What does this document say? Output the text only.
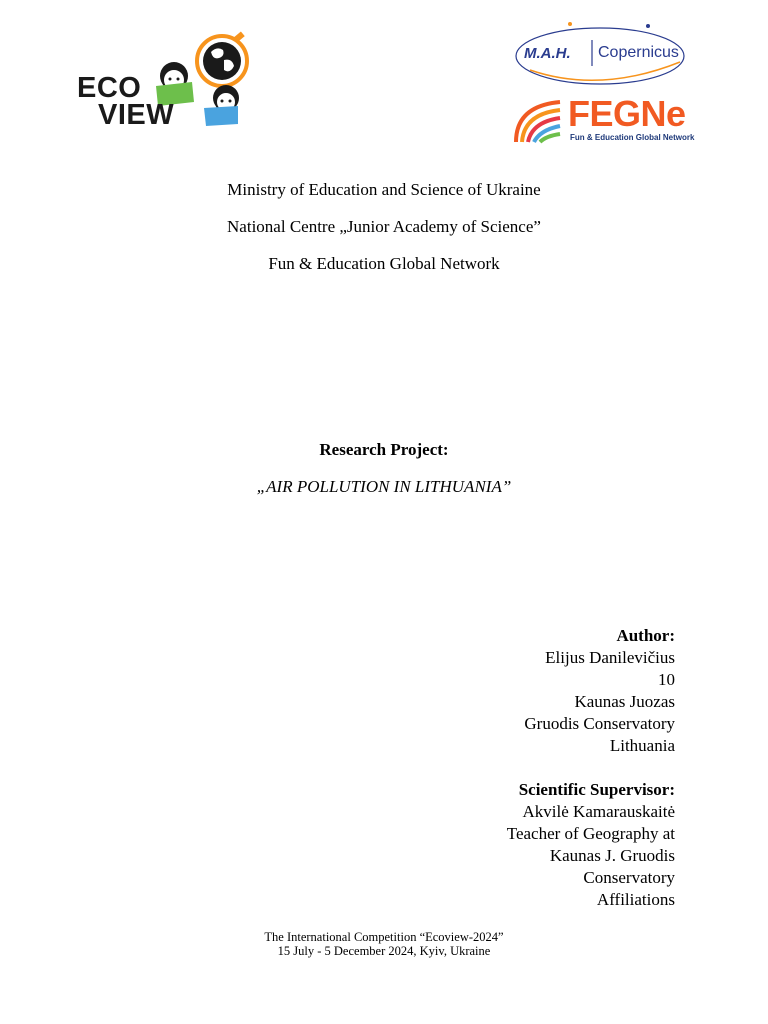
ECO
VIEW
M.A.H. Copernicus
FEGNe
Fun & Education Global Network
Ministry of Education and Science of Ukraine
National Centre „Junior Academy of Science”
Fun & Education Global Network
Research Project:
„AIR POLLUTION IN LITHUANIA”
Author:
Elijus Danilevičius
10
Kaunas Juozas
Gruodis Conservatory
Lithuania
Scientific Supervisor:
Akvilė Kamarauskaitė
Teacher of Geography at
Kaunas J. Gruodis
Conservatory
Affiliations
The International Competition “Ecoview-2024”
15 July - 5 December 2024, Kyiv, Ukraine
